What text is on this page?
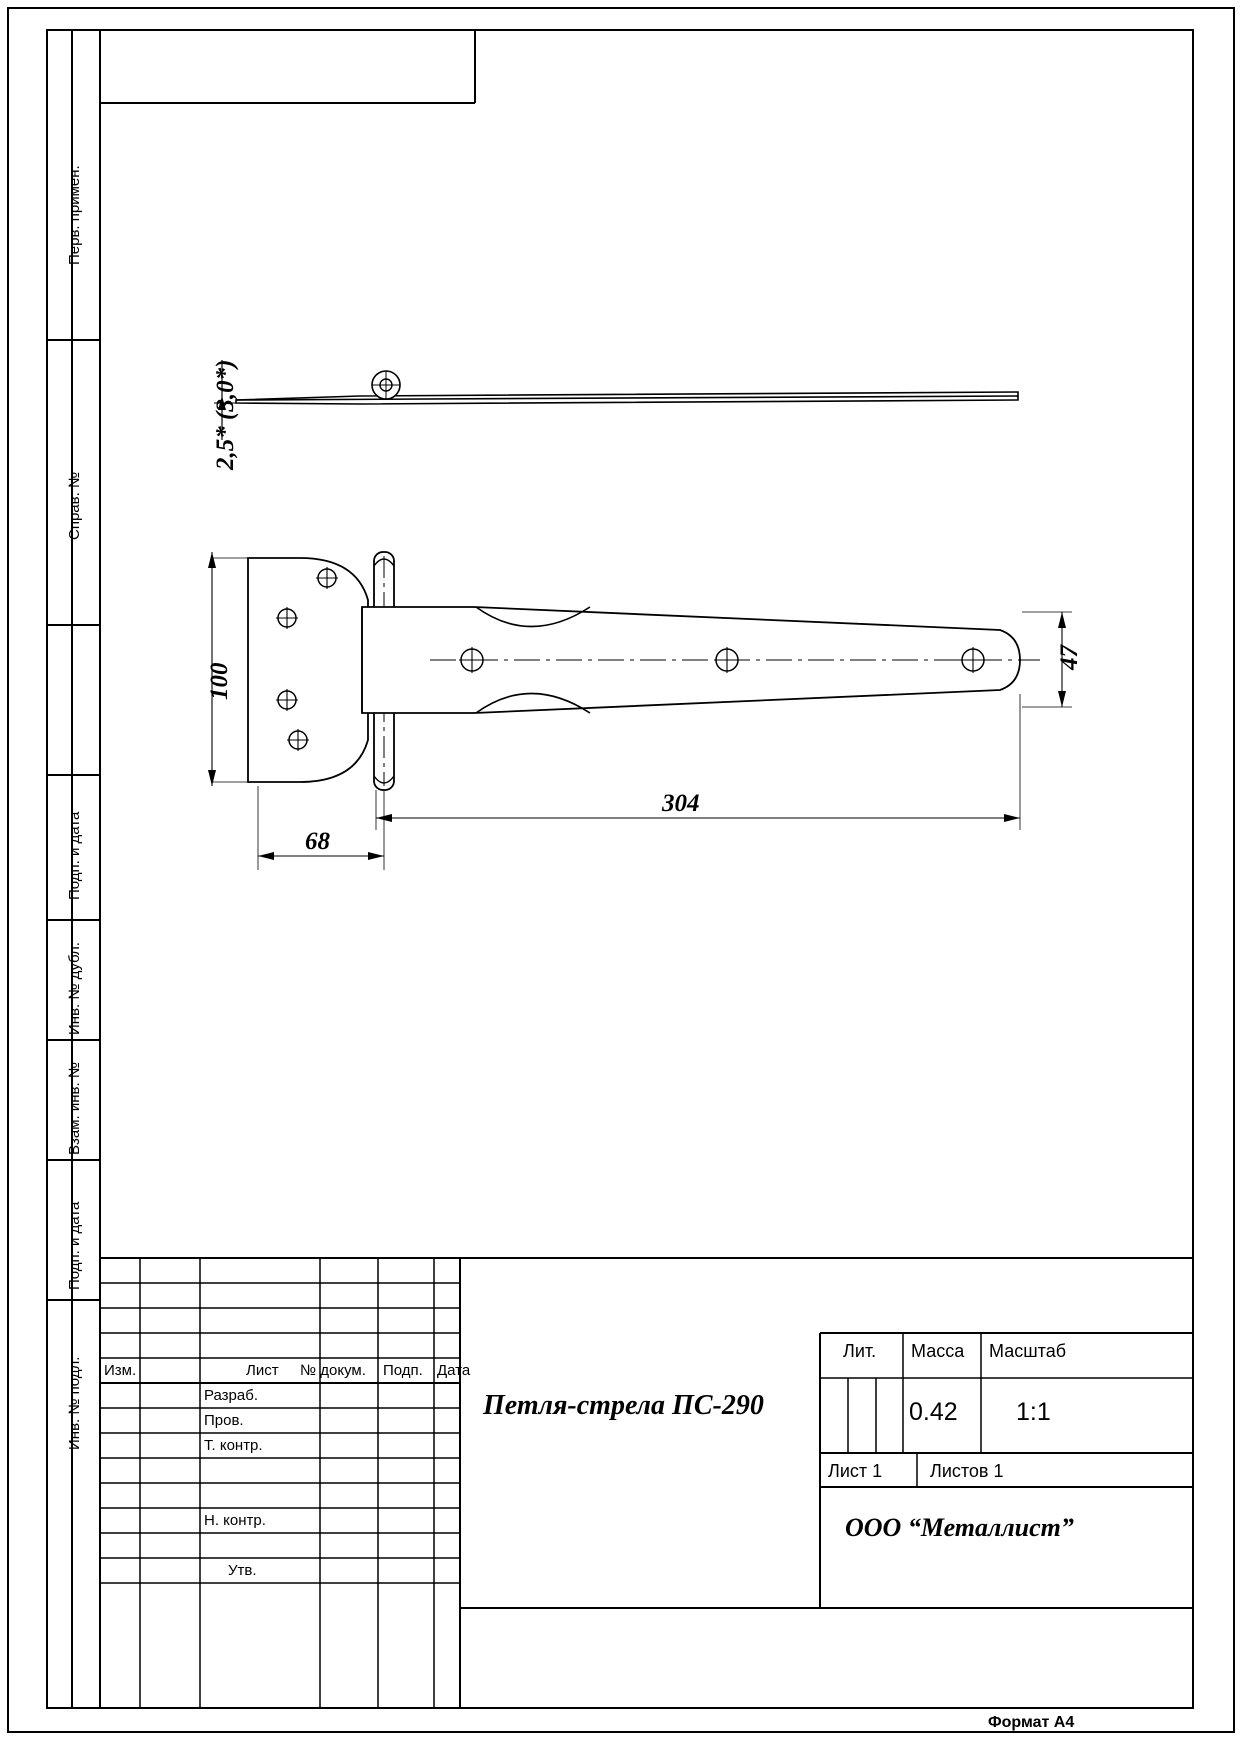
Перв. примен.
Справ. №
Подп. и дата
Инв. № дубл.
Взам. инв. №
Подп. и дата
Инв. № подл.
2,5* (3,0*)
100
68
304
47
Изм.	Лист № докум. Подп. Дата
Разраб.
Пров.
Т. контр.
Н. контр.
Утв.
Петля-стрела ПС-290
Лит. Масса Масштаб
0.42 1:1
Лист 1	Листов 1
ООО “Металлист”
Формат А4
